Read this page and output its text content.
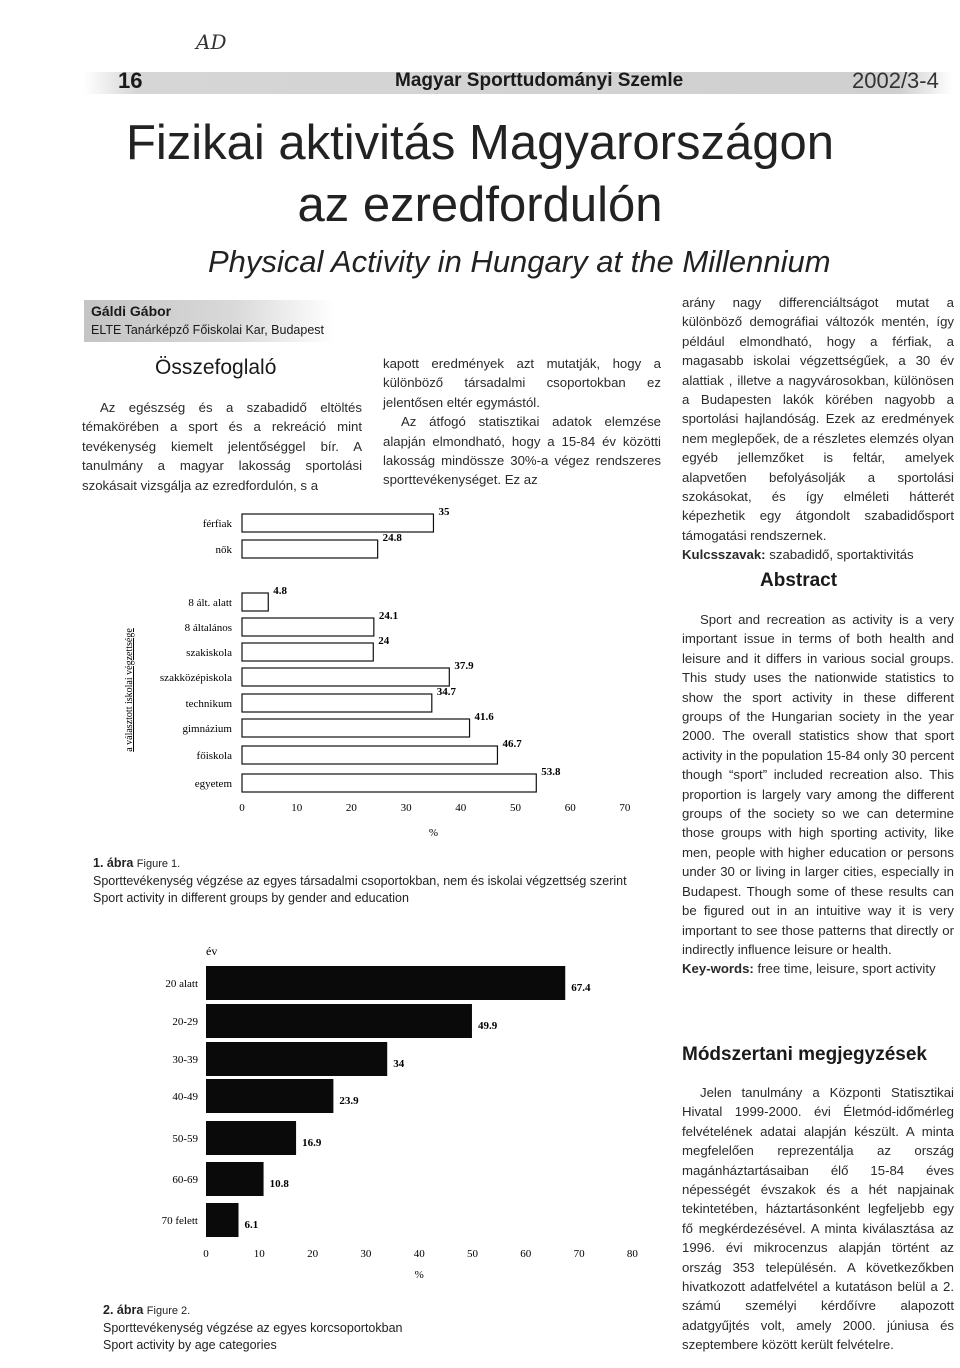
AD
16	Magyar Sporttudományi Szemle	2002/3-4
Fizikai aktivitás Magyarországon
az ezredfordulón
Physical Activity in Hungary at the Millennium
Gáldi Gábor
ELTE Tanárképző Főiskolai Kar, Budapest
Összefoglaló

Az egészség és a szabadidő eltöltés témakörében a sport és a rekreáció mint tevékenység kiemelt jelentőséggel bír. A tanulmány a magyar lakosság sportolási szokásait vizsgálja az ezredfordulón, s a

kapott eredmények azt mutatják, hogy a különböző társadalmi csoportokban ez jelentősen eltér egymástól.

Az átfogó statisztikai adatok elemzése alapján elmondható, hogy a 15-84 év közötti lakosság mindössze 30%-a végez rendszeres sporttevékenységet. Ez az

arány nagy differenciáltságot mutat a különböző demográfiai változók mentén, így például elmondható, hogy a férfiak, a magasabb iskolai végzettségűek, a 30 év alattiak , illetve a nagyvárosokban, különösen a Budapesten lakók körében nagyobb a sportolási hajlandóság. Ezek az eredmények nem meglepőek, de a részletes elemzés olyan egyéb jellemzőket is feltár, amelyek alapvetően befolyásolják a sportolási szokásokat, és így elméleti hátterét képezhetik egy átgondolt szabadidősport támogatási rendszernek.

Kulcsszavak: szabadidő, sportaktivitás

Abstract

Sport and recreation as activity is a very important issue in terms of both health and leisure and it differs in various social groups. This study uses the nationwide statistics to show the sport activity in these different groups of the Hungarian society in the year 2000. The overall statistics show that sport activity in the population 15-84 only 30 percent though “sport” included recreation also. This proportion is largely vary among the different groups of the society so we can determine those groups with high sporting activity, like men, people with higher education or persons under 30 or living in larger cities, especially in Budapest. Though some of these results can be figured out in an intuitive way it is very important to see those patterns that directly or indirectly influence leisure or health.

Key-words: free time, leisure, sport activity

Módszertani megjegyzések

Jelen tanulmány a Központi Statisztikai Hivatal 1999-2000. évi Életmód-időmérleg felvételének adatai alapján készült. A minta megfelelően reprezentálja az ország magánháztartásaiban élő 15-84 éves népességét évszakok és a hét napjainak tekintetében, háztartásonként legfeljebb egy fő megkérdezésével. A minta kiválasztása az 1996. évi mikrocenzus alapján történt az ország 353 településén. A következőkben hivatkozott adatfelvétel a kutatáson belül a 2. számú személyi kérdőívre alapozott adatgyűjtés volt, amely 2000. júniusa és szeptembere között került felvételre.

férfiak
35
nők
24.8
8 ált. alatt
4.8
8 általános
24.1
szakiskola
24
szakközépiskola
37.9
technikum
34.7
gimnázium
41.6
főiskola
46.7
egyetem
53.8
a választott iskolai végzettsége
0	10	20	30	40	50	60	70
%
1. ábra Figure 1.
Sporttevékenység végzése az egyes társadalmi csoportokban, nem és iskolai végzettség szerint
Sport activity in different groups by gender and education
év
20 alatt	67.4
20-29	49.9
30-39	34
40-49	23.9
50-59	16.9
60-69	10.8
70 felett	6.1
0	10	20	30	40	50	60	70	80
%
2. ábra Figure 2.
Sporttevékenység végzése az egyes korcsoportokban
Sport activity by age categories
